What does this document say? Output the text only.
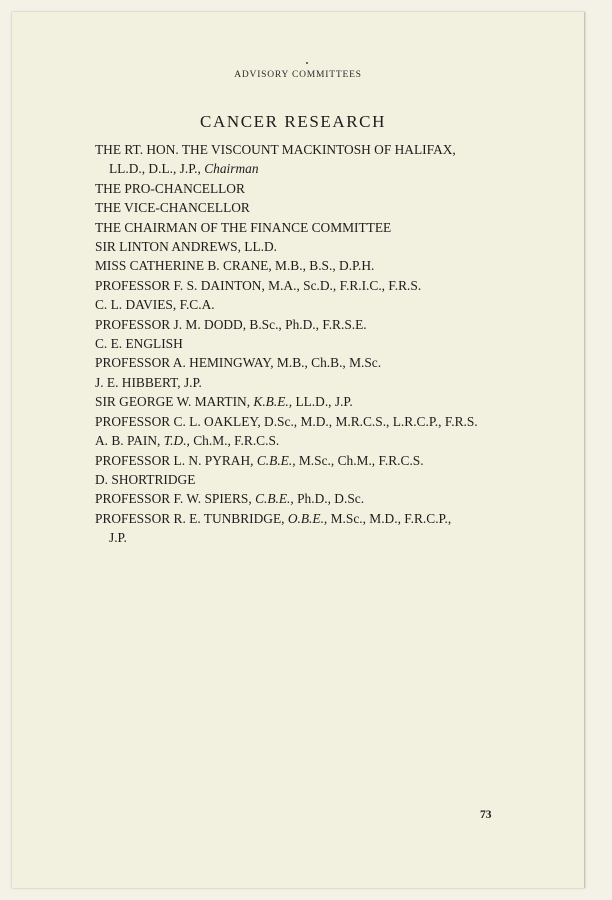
ADVISORY COMMITTEES
CANCER RESEARCH
THE RT. HON. THE VISCOUNT MACKINTOSH OF HALIFAX,
LL.D., D.L., J.P., Chairman
THE PRO-CHANCELLOR
THE VICE-CHANCELLOR
THE CHAIRMAN OF THE FINANCE COMMITTEE
SIR LINTON ANDREWS, LL.D.
MISS CATHERINE B. CRANE, M.B., B.S., D.P.H.
PROFESSOR F. S. DAINTON, M.A., Sc.D., F.R.I.C., F.R.S.
C. L. DAVIES, F.C.A.
PROFESSOR J. M. DODD, B.Sc., Ph.D., F.R.S.E.
C. E. ENGLISH
PROFESSOR A. HEMINGWAY, M.B., Ch.B., M.Sc.
J. E. HIBBERT, J.P.
SIR GEORGE W. MARTIN, K.B.E., LL.D., J.P.
PROFESSOR C. L. OAKLEY, D.Sc., M.D., M.R.C.S., L.R.C.P., F.R.S.
A. B. PAIN, T.D., Ch.M., F.R.C.S.
PROFESSOR L. N. PYRAH, C.B.E., M.Sc., Ch.M., F.R.C.S.
D. SHORTRIDGE
PROFESSOR F. W. SPIERS, C.B.E., Ph.D., D.Sc.
PROFESSOR R. E. TUNBRIDGE, O.B.E., M.Sc., M.D., F.R.C.P.,
J.P.
73
